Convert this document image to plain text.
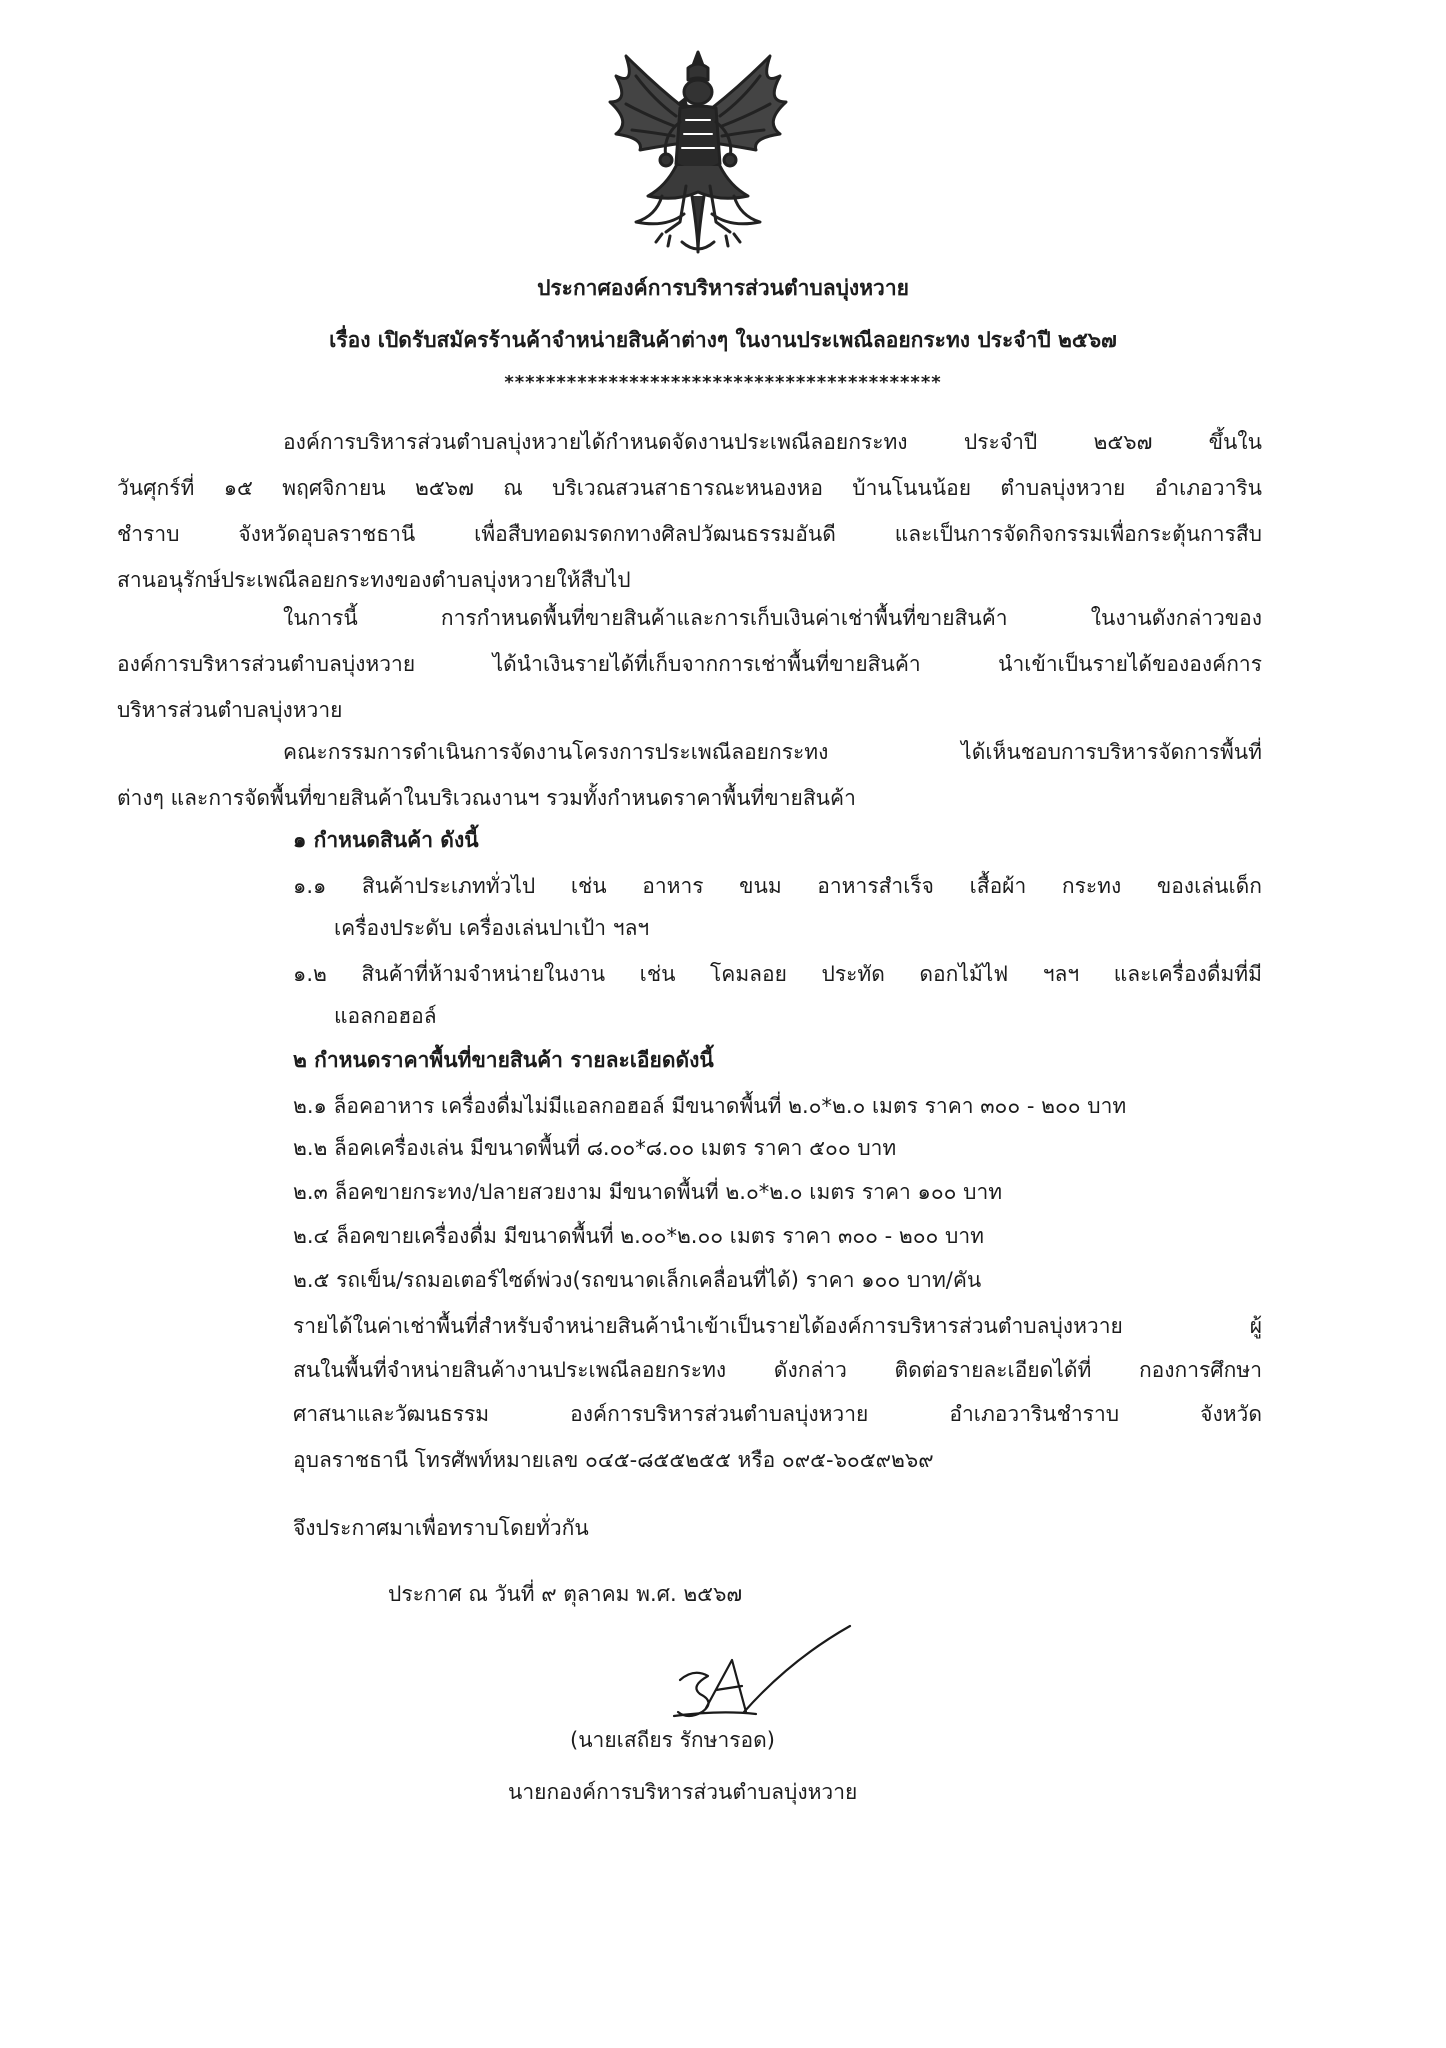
ประกาศองค์การบริหารส่วนตำบลบุ่งหวาย
เรื่อง เปิดรับสมัครร้านค้าจำหน่ายสินค้าต่างๆ ในงานประเพณีลอยกระทง ประจำปี ๒๕๖๗
******************************************
องค์การบริหารส่วนตำบลบุ่งหวายได้กำหนดจัดงานประเพณีลอยกระทง ประจำปี ๒๕๖๗ ขึ้นใน
วันศุกร์ที่ ๑๕ พฤศจิกายน ๒๕๖๗ ณ บริเวณสวนสาธารณะหนองหอ บ้านโนนน้อย ตำบลบุ่งหวาย อำเภอวาริน
ชำราบ จังหวัดอุบลราชธานี เพื่อสืบทอดมรดกทางศิลปวัฒนธรรมอันดี และเป็นการจัดกิจกรรมเพื่อกระตุ้นการสืบ
สานอนุรักษ์ประเพณีลอยกระทงของตำบลบุ่งหวายให้สืบไป
ในการนี้ การกำหนดพื้นที่ขายสินค้าและการเก็บเงินค่าเช่าพื้นที่ขายสินค้า ในงานดังกล่าวของ
องค์การบริหารส่วนตำบลบุ่งหวาย ได้นำเงินรายได้ที่เก็บจากการเช่าพื้นที่ขายสินค้า นำเข้าเป็นรายได้ขององค์การ
บริหารส่วนตำบลบุ่งหวาย
คณะกรรมการดำเนินการจัดงานโครงการประเพณีลอยกระทง ได้เห็นชอบการบริหารจัดการพื้นที่
ต่างๆ และการจัดพื้นที่ขายสินค้าในบริเวณงานฯ รวมทั้งกำหนดราคาพื้นที่ขายสินค้า
๑ กำหนดสินค้า ดังนี้
๑.๑ สินค้าประเภททั่วไป เช่น อาหาร ขนม อาหารสำเร็จ เสื้อผ้า กระทง ของเล่นเด็ก
เครื่องประดับ เครื่องเล่นปาเป้า ฯลฯ
๑.๒ สินค้าที่ห้ามจำหน่ายในงาน เช่น โคมลอย ประทัด ดอกไม้ไฟ ฯลฯ และเครื่องดื่มที่มี
แอลกอฮอล์
๒ กำหนดราคาพื้นที่ขายสินค้า รายละเอียดดังนี้
๒.๑ ล็อคอาหาร เครื่องดื่มไม่มีแอลกอฮอล์ มีขนาดพื้นที่ ๒.๐*๒.๐ เมตร ราคา ๓๐๐ - ๒๐๐ บาท
๒.๒ ล็อคเครื่องเล่น มีขนาดพื้นที่ ๘.๐๐*๘.๐๐ เมตร ราคา ๕๐๐ บาท
๒.๓ ล็อคขายกระทง/ปลายสวยงาม มีขนาดพื้นที่ ๒.๐*๒.๐ เมตร ราคา ๑๐๐ บาท
๒.๔ ล็อคขายเครื่องดื่ม มีขนาดพื้นที่ ๒.๐๐*๒.๐๐ เมตร ราคา ๓๐๐ - ๒๐๐ บาท
๒.๕ รถเข็น/รถมอเตอร์ไซด์พ่วง(รถขนาดเล็กเคลื่อนที่ได้) ราคา ๑๐๐ บาท/คัน
รายได้ในค่าเช่าพื้นที่สำหรับจำหน่ายสินค้านำเข้าเป็นรายได้องค์การบริหารส่วนตำบลบุ่งหวาย ผู้
สนในพื้นที่จำหน่ายสินค้างานประเพณีลอยกระทง ดังกล่าว ติดต่อรายละเอียดได้ที่ กองการศึกษา
ศาสนาและวัฒนธรรม องค์การบริหารส่วนตำบลบุ่งหวาย อำเภอวารินชำราบ จังหวัด
อุบลราชธานี โทรศัพท์หมายเลข ๐๔๕-๘๕๕๒๕๕ หรือ ๐๙๕-๖๐๕๙๒๖๙
จึงประกาศมาเพื่อทราบโดยทั่วกัน
ประกาศ ณ วันที่ ๙ ตุลาคม พ.ศ. ๒๕๖๗
(นายเสถียร รักษารอด)
นายกองค์การบริหารส่วนตำบลบุ่งหวาย
